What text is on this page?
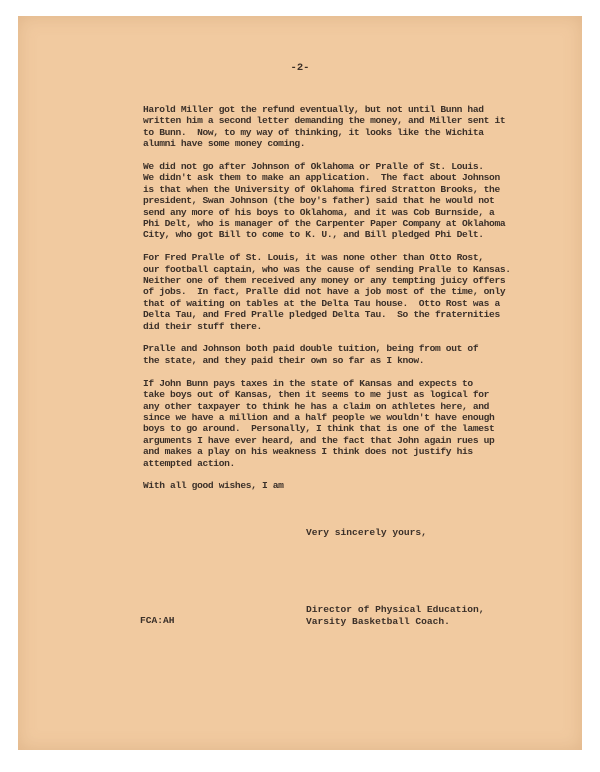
-2-

Harold Miller got the refund eventually, but not until Bunn had
written him a second letter demanding the money, and Miller sent it
to Bunn.  Now, to my way of thinking, it looks like the Wichita
alumni have some money coming.

We did not go after Johnson of Oklahoma or Pralle of St. Louis.
We didn't ask them to make an application.  The fact about Johnson
is that when the University of Oklahoma fired Stratton Brooks, the
president, Swan Johnson (the boy's father) said that he would not
send any more of his boys to Oklahoma, and it was Cob Burnside, a
Phi Delt, who is manager of the Carpenter Paper Company at Oklahoma
City, who got Bill to come to K. U., and Bill pledged Phi Delt.

For Fred Pralle of St. Louis, it was none other than Otto Rost,
our football captain, who was the cause of sending Pralle to Kansas.
Neither one of them received any money or any tempting juicy offers
of jobs.  In fact, Pralle did not have a job most of the time, only
that of waiting on tables at the Delta Tau house.  Otto Rost was a
Delta Tau, and Fred Pralle pledged Delta Tau.  So the fraternities
did their stuff there.

Pralle and Johnson both paid double tuition, being from out of
the state, and they paid their own so far as I know.

If John Bunn pays taxes in the state of Kansas and expects to
take boys out of Kansas, then it seems to me just as logical for
any other taxpayer to think he has a claim on athletes here, and
since we have a million and a half people we wouldn't have enough
boys to go around.  Personally, I think that is one of the lamest
arguments I have ever heard, and the fact that John again rues up
and makes a play on his weakness I think does not justify his
attempted action.

With all good wishes, I am

Very sincerely yours,
FCA:AH
Director of Physical Education,
Varsity Basketball Coach.
